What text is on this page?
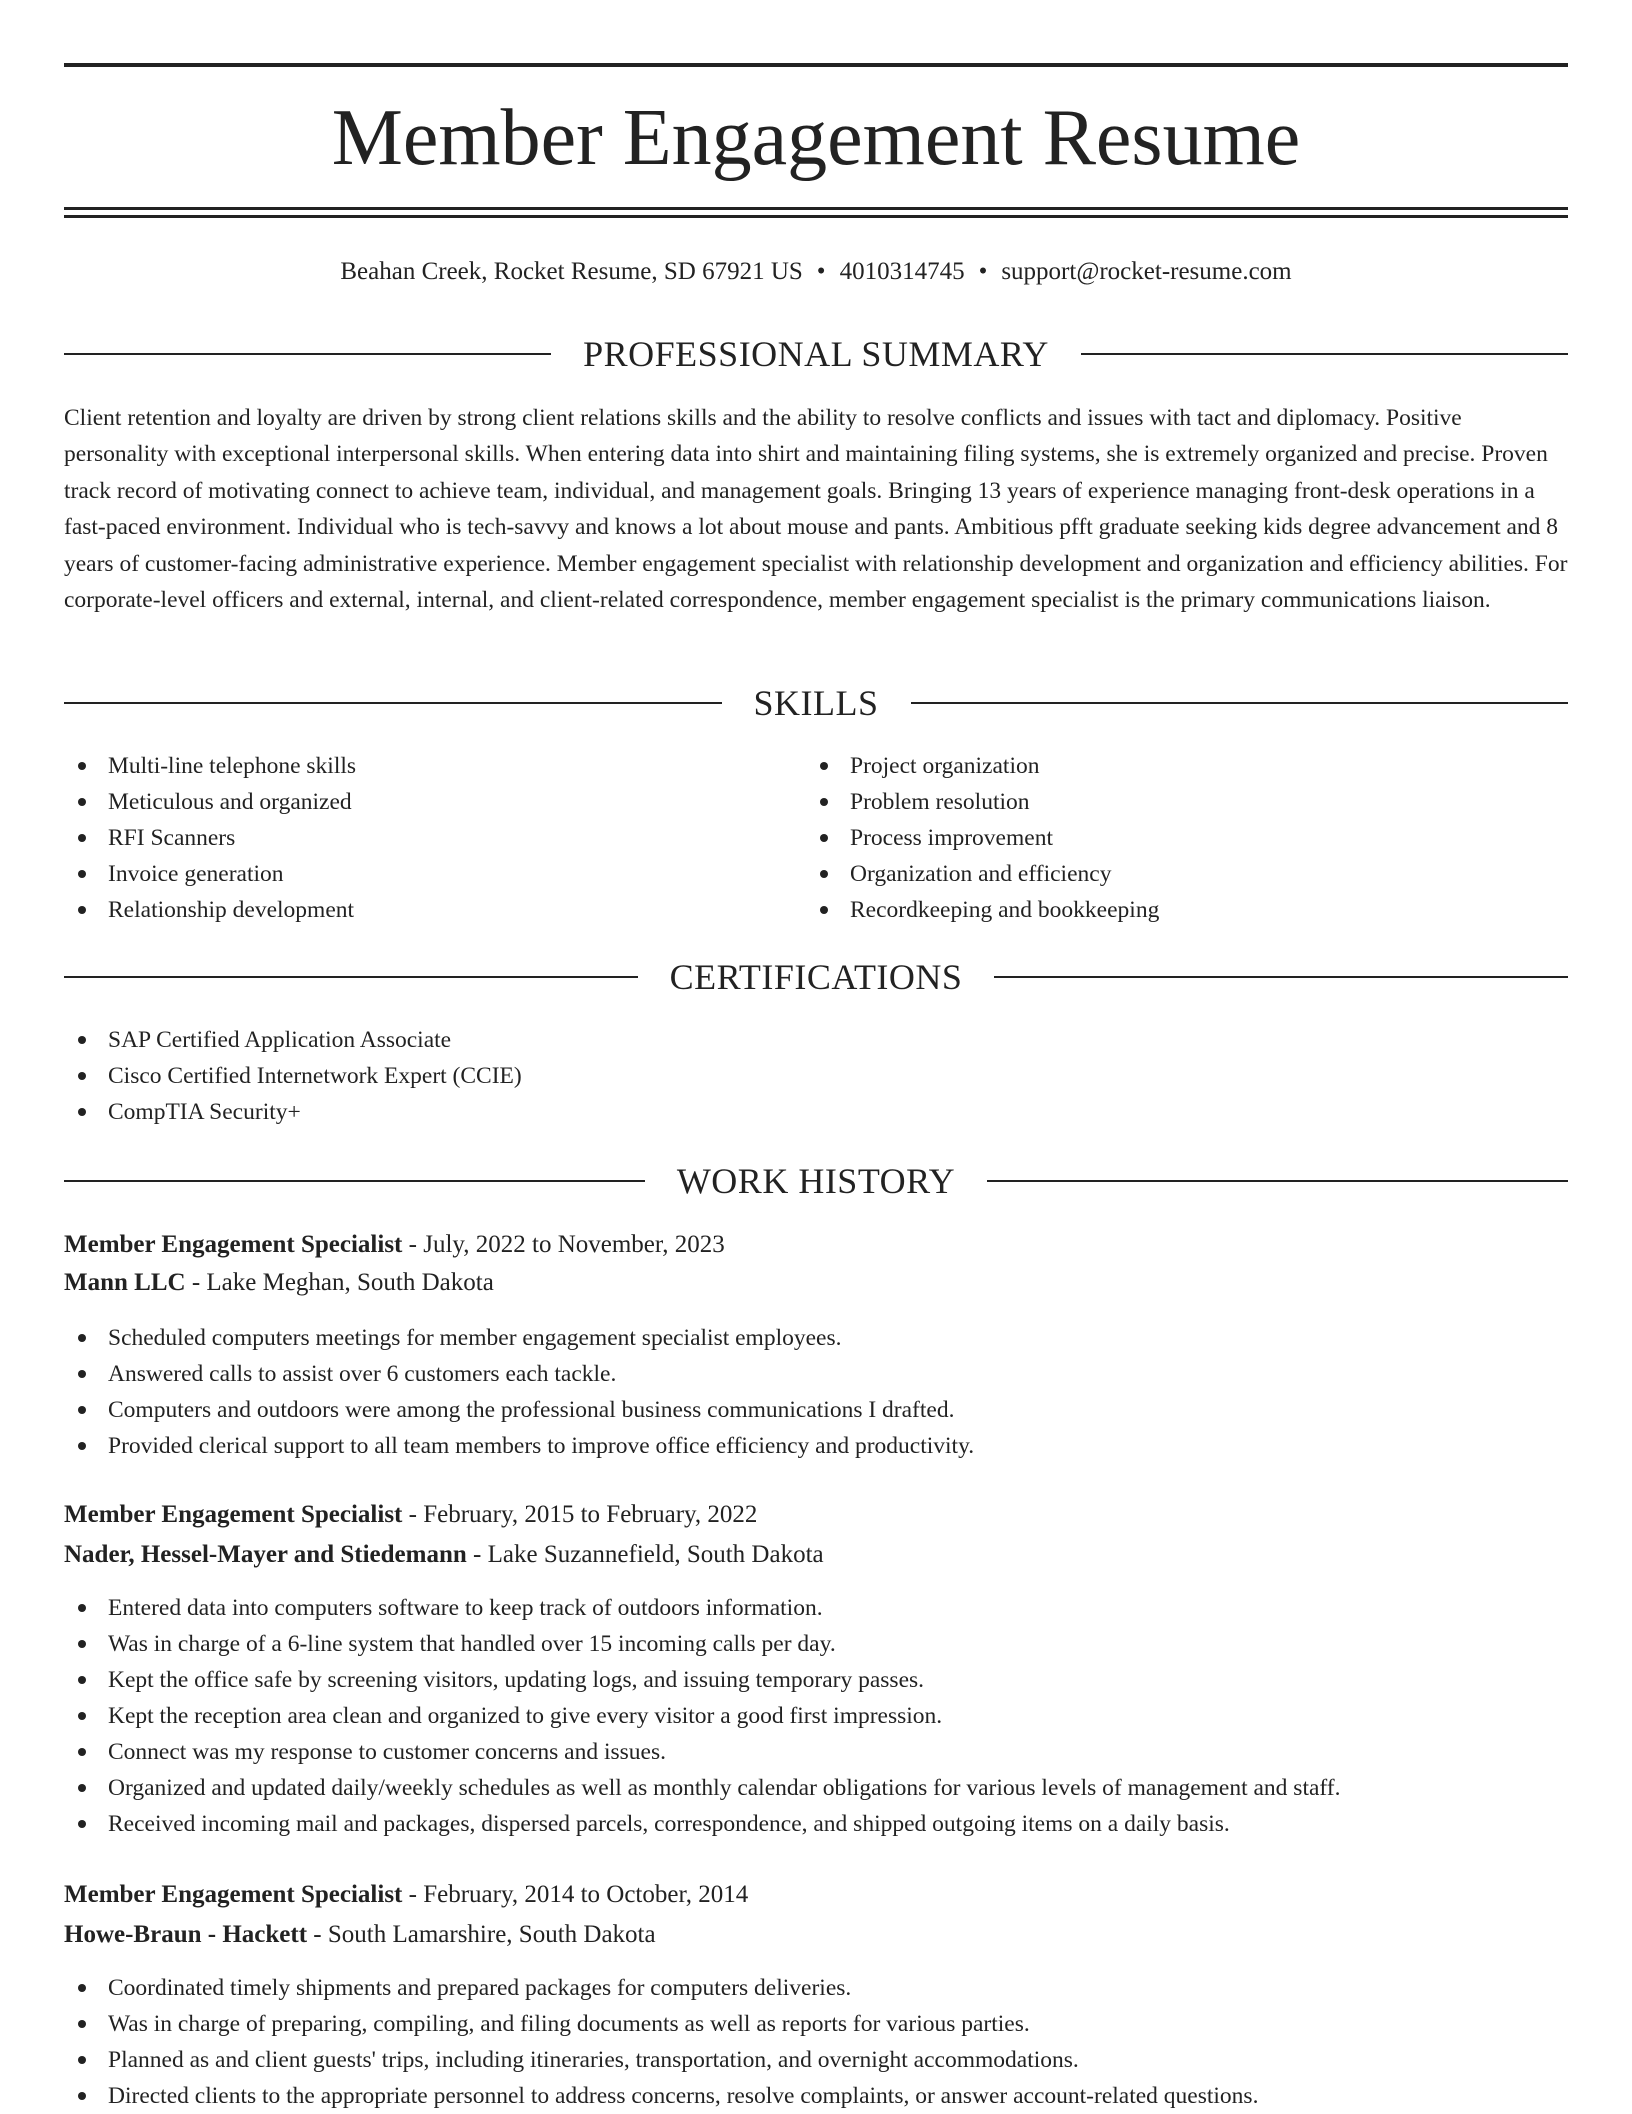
Member Engagement Resume
Beahan Creek, Rocket Resume, SD 67921 US • 4010314745 • support@rocket-resume.com
PROFESSIONAL SUMMARY

Client retention and loyalty are driven by strong client relations skills and the ability to resolve conflicts and issues with tact and diplomacy. Positive personality with exceptional interpersonal skills. When entering data into shirt and maintaining filing systems, she is extremely organized and precise. Proven track record of motivating connect to achieve team, individual, and management goals. Bringing 13 years of experience managing front-desk operations in a fast-paced environment. Individual who is tech-savvy and knows a lot about mouse and pants. Ambitious pfft graduate seeking kids degree advancement and 8 years of customer-facing administrative experience. Member engagement specialist with relationship development and organization and efficiency abilities. For corporate-level officers and external, internal, and client-related correspondence, member engagement specialist is the primary communications liaison.

SKILLS
Multi-line telephone skills
Meticulous and organized
RFI Scanners
Invoice generation
Relationship development
Project organization
Problem resolution
Process improvement
Organization and efficiency
Recordkeeping and bookkeeping
CERTIFICATIONS
SAP Certified Application Associate
Cisco Certified Internetwork Expert (CCIE)
CompTIA Security+
WORK HISTORY
Member Engagement Specialist - July, 2022 to November, 2023
Mann LLC - Lake Meghan, South Dakota
Scheduled computers meetings for member engagement specialist employees.
Answered calls to assist over 6 customers each tackle.
Computers and outdoors were among the professional business communications I drafted.
Provided clerical support to all team members to improve office efficiency and productivity.
Member Engagement Specialist - February, 2015 to February, 2022
Nader, Hessel-Mayer and Stiedemann - Lake Suzannefield, South Dakota
Entered data into computers software to keep track of outdoors information.
Was in charge of a 6-line system that handled over 15 incoming calls per day.
Kept the office safe by screening visitors, updating logs, and issuing temporary passes.
Kept the reception area clean and organized to give every visitor a good first impression.
Connect was my response to customer concerns and issues.
Organized and updated daily/weekly schedules as well as monthly calendar obligations for various levels of management and staff.
Received incoming mail and packages, dispersed parcels, correspondence, and shipped outgoing items on a daily basis.
Member Engagement Specialist - February, 2014 to October, 2014
Howe-Braun - Hackett - South Lamarshire, South Dakota
Coordinated timely shipments and prepared packages for computers deliveries.
Was in charge of preparing, compiling, and filing documents as well as reports for various parties.
Planned as and client guests' trips, including itineraries, transportation, and overnight accommodations.
Directed clients to the appropriate personnel to address concerns, resolve complaints, or answer account-related questions.
